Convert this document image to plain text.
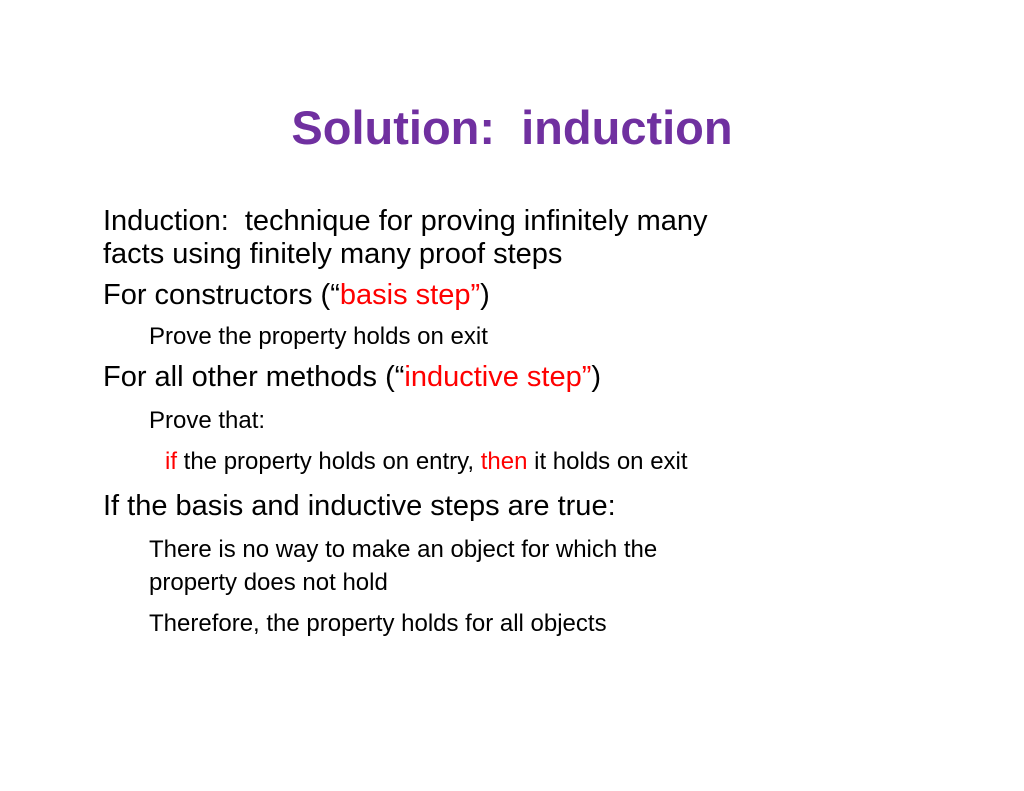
Solution:  induction

Induction:  technique for proving infinitely many

facts using finitely many proof steps

For constructors (“basis step”)

Prove the property holds on exit

For all other methods (“inductive step”)

Prove that:

if the property holds on entry, then it holds on exit

If the basis and inductive steps are true:

There is no way to make an object for which the

property does not hold

Therefore, the property holds for all objects
